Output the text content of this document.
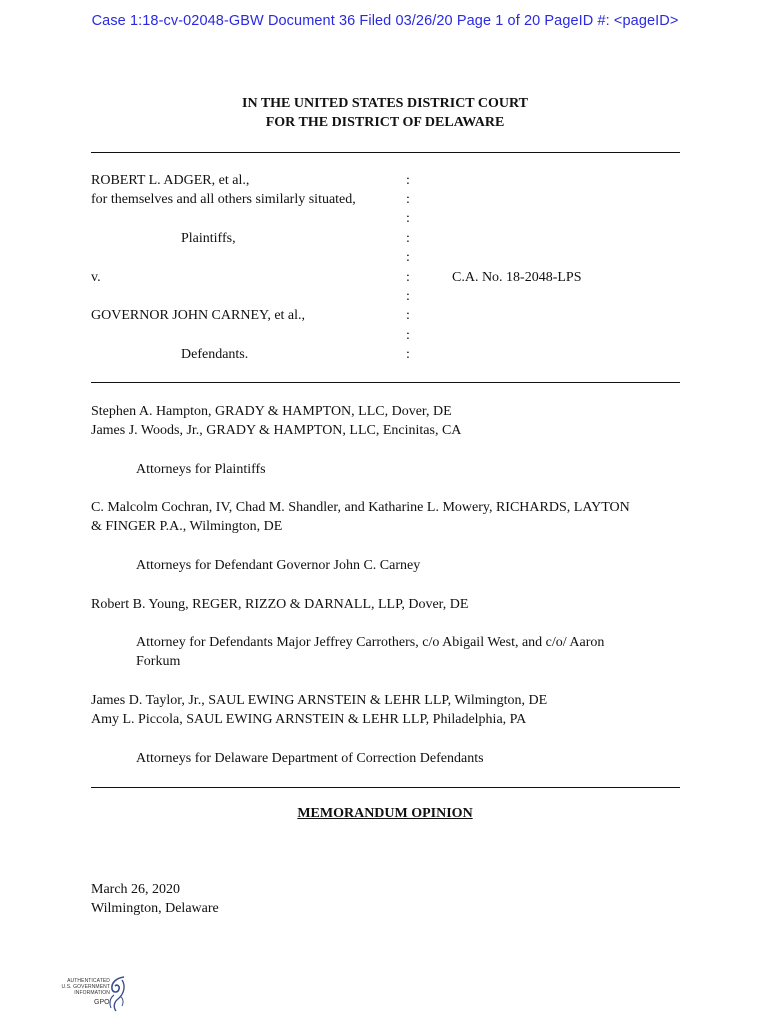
Case 1:18-cv-02048-GBW Document 36 Filed 03/26/20 Page 1 of 20 PageID #: <pageID>
IN THE UNITED STATES DISTRICT COURT
FOR THE DISTRICT OF DELAWARE
ROBERT L. ADGER, et al.,
for themselves and all others similarly situated,
Plaintiffs,
v.	C.A. No. 18-2048-LPS
GOVERNOR JOHN CARNEY, et al.,
Defendants.
:
:
:
:
:
:
:
:
:
:
Stephen A. Hampton, GRADY & HAMPTON, LLC, Dover, DE
James J. Woods, Jr., GRADY & HAMPTON, LLC, Encinitas, CA
Attorneys for Plaintiffs
C. Malcolm Cochran, IV, Chad M. Shandler, and Katharine L. Mowery, RICHARDS, LAYTON
& FINGER P.A., Wilmington, DE
Attorneys for Defendant Governor John C. Carney
Robert B. Young, REGER, RIZZO & DARNALL, LLP, Dover, DE
Attorney for Defendants Major Jeffrey Carrothers, c/o Abigail West, and c/o/ Aaron
Forkum
James D. Taylor, Jr., SAUL EWING ARNSTEIN & LEHR LLP, Wilmington, DE
Amy L. Piccola, SAUL EWING ARNSTEIN & LEHR LLP, Philadelphia, PA
Attorneys for Delaware Department of Correction Defendants
MEMORANDUM OPINION
March 26, 2020
Wilmington, Delaware
AUTHENTICATED
U.S. GOVERNMENT
INFORMATION
GPO
